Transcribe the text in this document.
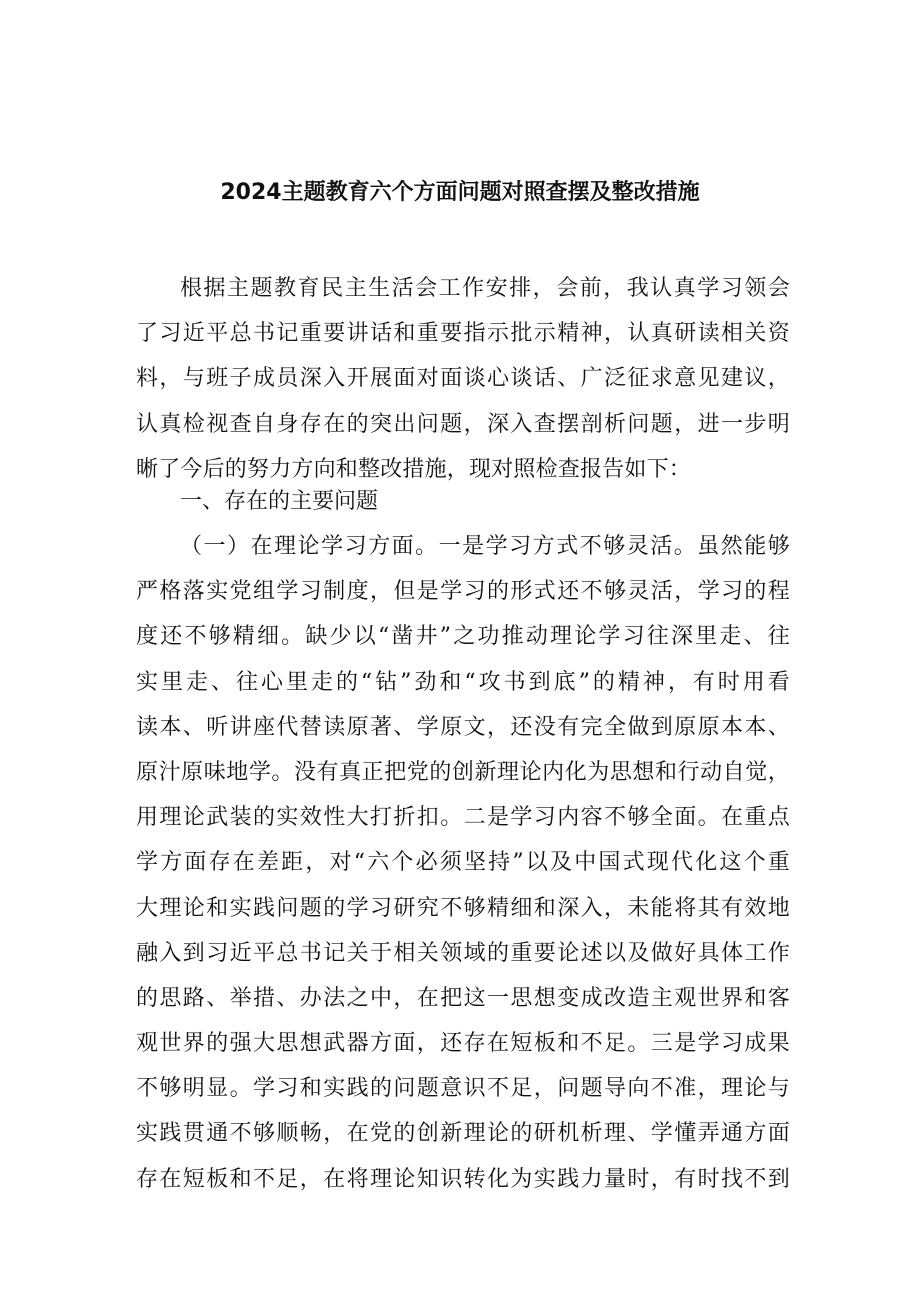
2024主题教育六个方面问题对照查摆及整改措施
根据主题教育民主生活会工作安排，会前，我认真学习领会
了习近平总书记重要讲话和重要指示批示精神，认真研读相关资
料，与班子成员深入开展面对面谈心谈话、广泛征求意见建议，
认真检视查自身存在的突出问题，深入查摆剖析问题，进一步明
晰了今后的努力方向和整改措施，现对照检查报告如下：
一、存在的主要问题
（一）在理论学习方面。一是学习方式不够灵活。虽然能够
严格落实党组学习制度，但是学习的形式还不够灵活，学习的程
度还不够精细。缺少以“凿井”之功推动理论学习往深里走、往
实里走、往心里走的“钻”劲和“攻书到底”的精神，有时用看
读本、听讲座代替读原著、学原文，还没有完全做到原原本本、
原汁原味地学。没有真正把党的创新理论内化为思想和行动自觉，
用理论武装的实效性大打折扣。二是学习内容不够全面。在重点
学方面存在差距，对“六个必须坚持”以及中国式现代化这个重
大理论和实践问题的学习研究不够精细和深入，未能将其有效地
融入到习近平总书记关于相关领域的重要论述以及做好具体工作
的思路、举措、办法之中，在把这一思想变成改造主观世界和客
观世界的强大思想武器方面，还存在短板和不足。三是学习成果
不够明显。学习和实践的问题意识不足，问题导向不准，理论与
实践贯通不够顺畅，在党的创新理论的研机析理、学懂弄通方面
存在短板和不足，在将理论知识转化为实践力量时，有时找不到
